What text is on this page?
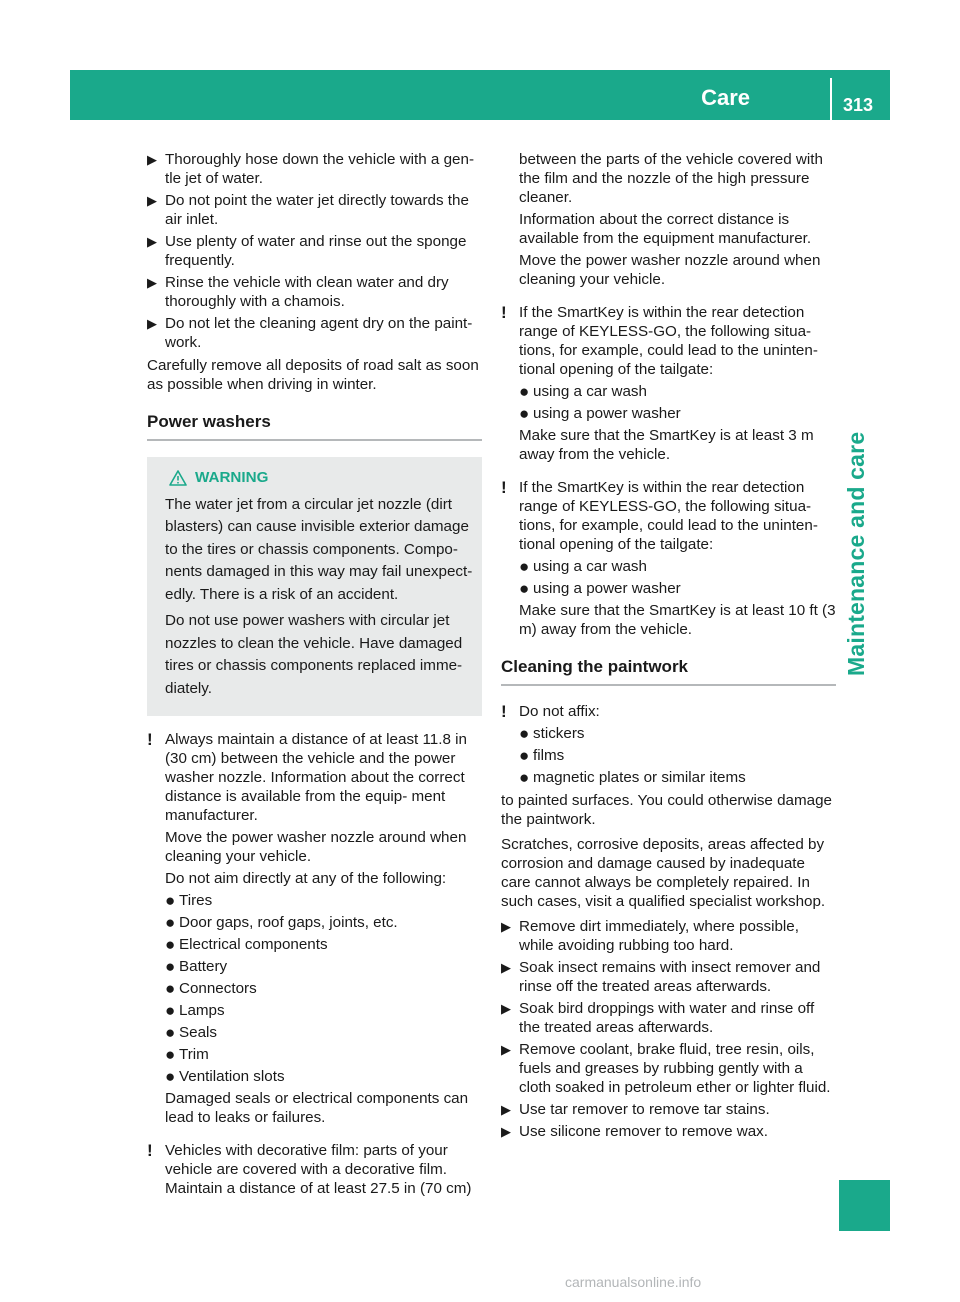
Care	313
Maintenance and care
▶ Thoroughly hose down the vehicle with a gen- tle jet of water.
▶ Do not point the water jet directly towards the air inlet.
▶ Use plenty of water and rinse out the sponge frequently.
▶ Rinse the vehicle with clean water and dry thoroughly with a chamois.
▶ Do not let the cleaning agent dry on the paint- work.

Carefully remove all deposits of road salt as soon as possible when driving in winter.

Power washers
WARNING

The water jet from a circular jet nozzle (dirt blasters) can cause invisible exterior damage to the tires or chassis components. Compo- nents damaged in this way may fail unexpect- edly. There is a risk of an accident.

Do not use power washers with circular jet nozzles to clean the vehicle. Have damaged tires or chassis components replaced imme- diately.

! Always maintain a distance of at least 11.8 in (30 cm) between the vehicle and the power washer nozzle. Information about the correct distance is available from the equip- ment manufacturer.

Move the power washer nozzle around when cleaning your vehicle.

Do not aim directly at any of the following:

● Tires
● Door gaps, roof gaps, joints, etc.
● Electrical components
● Battery
● Connectors
● Lamps
● Seals
● Trim
● Ventilation slots

Damaged seals or electrical components can lead to leaks or failures.

! Vehicles with decorative film: parts of your vehicle are covered with a decorative film. Maintain a distance of at least 27.5 in (70 cm)

between the parts of the vehicle covered with the film and the nozzle of the high pressure cleaner.

Information about the correct distance is available from the equipment manufacturer.

Move the power washer nozzle around when cleaning your vehicle.

! If the SmartKey is within the rear detection range of KEYLESS-GO, the following situa- tions, for example, could lead to the uninten- tional opening of the tailgate:

● using a car wash
● using a power washer

Make sure that the SmartKey is at least 3 m away from the vehicle.

! If the SmartKey is within the rear detection range of KEYLESS-GO, the following situa- tions, for example, could lead to the uninten- tional opening of the tailgate:

● using a car wash
● using a power washer

Make sure that the SmartKey is at least 10 ft (3 m) away from the vehicle.

Cleaning the paintwork
! Do not affix:

● stickers
● films
● magnetic plates or similar items

to painted surfaces. You could otherwise damage the paintwork.

Scratches, corrosive deposits, areas affected by corrosion and damage caused by inadequate care cannot always be completely repaired. In such cases, visit a qualified specialist workshop.

▶ Remove dirt immediately, where possible, while avoiding rubbing too hard.
▶ Soak insect remains with insect remover and rinse off the treated areas afterwards.
▶ Soak bird droppings with water and rinse off the treated areas afterwards.
▶ Remove coolant, brake fluid, tree resin, oils, fuels and greases by rubbing gently with a cloth soaked in petroleum ether or lighter fluid.
▶ Use tar remover to remove tar stains.
▶ Use silicone remover to remove wax.
carmanualsonline.info
